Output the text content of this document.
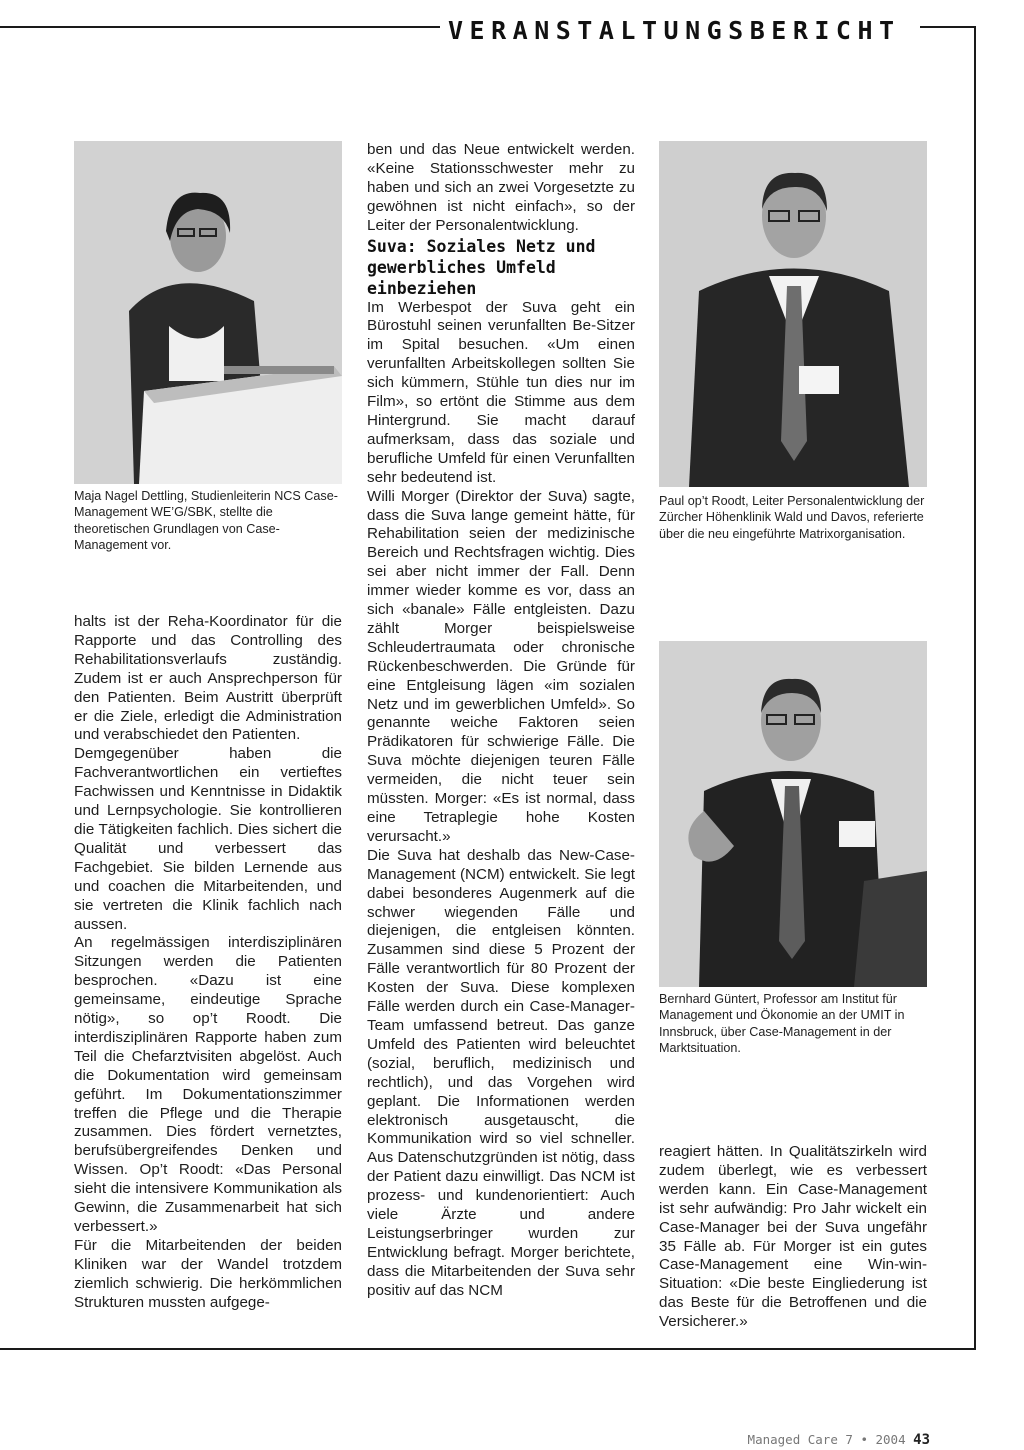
VERANSTALTUNGSBERICHT
Maja Nagel Dettling, Studienleiterin NCS Case-Management WE’G/SBK, stellte die theoretischen Grundlagen von Case-Management vor.
Paul op’t Roodt, Leiter Personalentwicklung der Zürcher Höhenklinik Wald und Davos, referierte über die neu eingeführte Matrixorganisation.
Bernhard Güntert, Professor am Institut für Management und Ökonomie an der UMIT in Innsbruck, über Case-Management in der Marktsituation.

halts ist der Reha-Koordinator für die Rapporte und das Controlling des Rehabilitationsverlaufs zuständig. Zudem ist er auch Ansprechperson für den Patienten. Beim Austritt überprüft er die Ziele, erledigt die Administration und verabschiedet den Patienten.

Demgegenüber haben die Fachverantwortlichen ein vertieftes Fachwissen und Kenntnisse in Didaktik und Lernpsychologie. Sie kontrollieren die Tätigkeiten fachlich. Dies sichert die Qualität und verbessert das Fachgebiet. Sie bilden Lernende aus und coachen die Mitarbeitenden, und sie vertreten die Klinik fachlich nach aussen.

An regelmässigen interdisziplinären Sitzungen werden die Patienten besprochen. «Dazu ist eine gemeinsame, eindeutige Sprache nötig», so op’t Roodt. Die interdisziplinären Rapporte haben zum Teil die Chefarztvisiten abgelöst. Auch die Dokumentation wird gemeinsam geführt. Im Dokumentationszimmer treffen die Pflege und die Therapie zusammen. Dies fördert vernetztes, berufsübergreifendes Denken und Wissen. Op’t Roodt: «Das Personal sieht die intensivere Kommunikation als Gewinn, die Zusammenarbeit hat sich verbessert.»

Für die Mitarbeitenden der beiden Kliniken war der Wandel trotzdem ziemlich schwierig. Die herkömmlichen Strukturen mussten aufgege-

ben und das Neue entwickelt werden. «Keine Stationsschwester mehr zu haben und sich an zwei Vorgesetzte zu gewöhnen ist nicht einfach», so der Leiter der Personalentwicklung.

Suva: Soziales Netz und gewerbliches Umfeld einbeziehen

Im Werbespot der Suva geht ein Bürostuhl seinen verunfallten Be-Sitzer im Spital besuchen. «Um einen verunfallten Arbeitskollegen sollten Sie sich kümmern, Stühle tun dies nur im Film», so ertönt die Stimme aus dem Hintergrund. Sie macht darauf aufmerksam, dass das soziale und berufliche Umfeld für einen Verunfallten sehr bedeutend ist.

Willi Morger (Direktor der Suva) sagte, dass die Suva lange gemeint hätte, für Rehabilitation seien der medizinische Bereich und Rechtsfragen wichtig. Dies sei aber nicht immer der Fall. Denn immer wieder komme es vor, dass an sich «banale» Fälle entgleisten. Dazu zählt Morger beispielsweise Schleudertraumata oder chronische Rückenbeschwerden. Die Gründe für eine Entgleisung lägen «im sozialen Netz und im gewerblichen Umfeld». So genannte weiche Faktoren seien Prädikatoren für schwierige Fälle. Die Suva möchte diejenigen teuren Fälle vermeiden, die nicht teuer sein müssten. Morger: «Es ist normal, dass eine Tetraplegie hohe Kosten verursacht.»

Die Suva hat deshalb das New-Case-Management (NCM) entwickelt. Sie legt dabei besonderes Augenmerk auf die schwer wiegenden Fälle und diejenigen, die entgleisen könnten. Zusammen sind diese 5 Prozent der Fälle verantwortlich für 80 Prozent der Kosten der Suva. Diese komplexen Fälle werden durch ein Case-Manager-Team umfassend betreut. Das ganze Umfeld des Patienten wird beleuchtet (sozial, beruflich, medizinisch und rechtlich), und das Vorgehen wird geplant. Die Informationen werden elektronisch ausgetauscht, die Kommunikation wird so viel schneller. Aus Datenschutzgründen ist nötig, dass der Patient dazu einwilligt. Das NCM ist prozess- und kundenorientiert: Auch viele Ärzte und andere Leistungserbringer wurden zur Entwicklung befragt. Morger berichtete, dass die Mitarbeitenden der Suva sehr positiv auf das NCM

reagiert hätten. In Qualitätszirkeln wird zudem überlegt, wie es verbessert werden kann. Ein Case-Management ist sehr aufwändig: Pro Jahr wickelt ein Case-Manager bei der Suva ungefähr 35 Fälle ab. Für Morger ist ein gutes Case-Management eine Win-win-Situation: «Die beste Eingliederung ist das Beste für die Betroffenen und die Versicherer.»

Managed Care 7 • 2004 43
